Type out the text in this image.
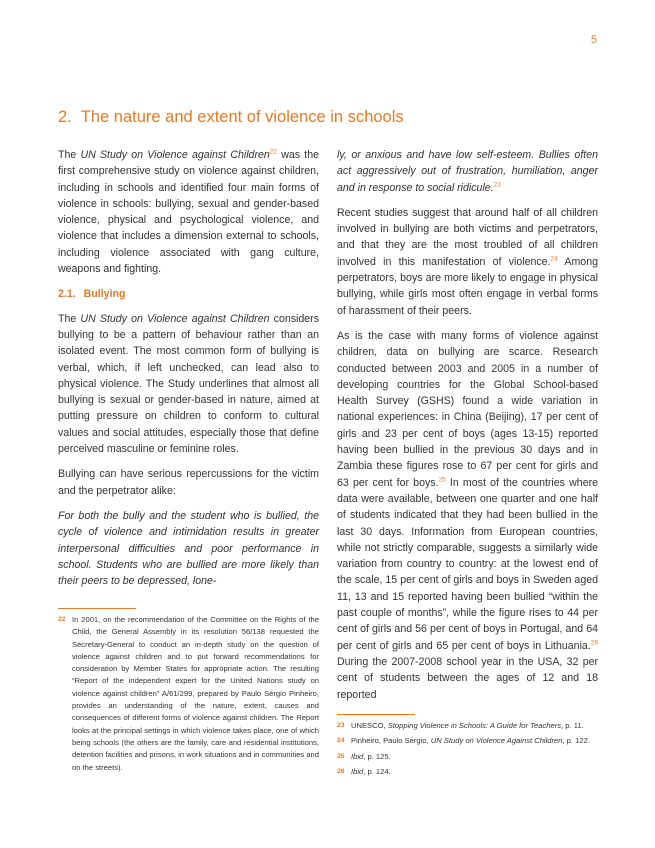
5
2. The nature and extent of violence in schools

The UN Study on Violence against Children$^{22}$ was the first comprehensive study on violence against children, including in schools and identified four main forms of violence in schools: bullying, sexual and gender-based violence, physical and psychological violence, and violence that includes a dimension external to schools, including violence associated with gang culture, weapons and fighting.

2.1. Bullying

The UN Study on Violence against Children considers bullying to be a pattern of behaviour rather than an isolated event. The most common form of bullying is verbal, which, if left unchecked, can lead also to physical violence. The Study underlines that almost all bullying is sexual or gender-based in nature, aimed at putting pressure on children to conform to cultural values and social attitudes, especially those that define perceived masculine or feminine roles.

Bullying can have serious repercussions for the victim and the perpetrator alike:

For both the bully and the student who is bullied, the cycle of violence and intimidation results in greater interpersonal difficulties and poor performance in school. Students who are bullied are more likely than their peers to be depressed, lone-

ly, or anxious and have low self-esteem. Bullies often act aggressively out of frustration, humiliation, anger and in response to social ridicule.$^{23}$

Recent studies suggest that around half of all children involved in bullying are both victims and perpetrators, and that they are the most troubled of all children involved in this manifestation of violence.$^{24}$ Among perpetrators, boys are more likely to engage in physical bullying, while girls most often engage in verbal forms of harassment of their peers.

As is the case with many forms of violence against children, data on bullying are scarce. Research conducted between 2003 and 2005 in a number of developing countries for the Global School-based Health Survey (GSHS) found a wide variation in national experiences: in China (Beijing), 17 per cent of girls and 23 per cent of boys (ages 13-15) reported having been bullied in the previous 30 days and in Zambia these figures rose to 67 per cent for girls and 63 per cent for boys.$^{25}$ In most of the countries where data were available, between one quarter and one half of students indicated that they had been bullied in the last 30 days. Information from European countries, while not strictly comparable, suggests a similarly wide variation from country to country: at the lowest end of the scale, 15 per cent of girls and boys in Sweden aged 11, 13 and 15 reported having been bullied “within the past couple of months”, while the figure rises to 44 per cent of girls and 56 per cent of boys in Portugal, and 64 per cent of girls and 65 per cent of boys in Lithuania.$^{26}$ During the 2007-2008 school year in the USA, 32 per cent of students between the ages of 12 and 18 reported

22 In 2001, on the recommendation of the Committee on the Rights of the Child, the General Assembly in its resolution 56/138 requested the Secretary-General to conduct an in-depth study on the question of violence against children and to put forward recommendations for consideration by Member States for appropriate action. The resulting “Report of the independent expert for the United Nations study on violence against children” A/61/299, prepared by Paulo Sérgio Pinheiro, provides an understanding of the nature, extent, causes and consequences of different forms of violence against children. The Report looks at the principal settings in which violence takes place, one of which being schools (the others are the family, care and residential institutions, detention facilities and prisons, in work situations and in communities and on the streets).
23 UNESCO, Stopping Violence in Schools: A Guide for Teachers, p. 11.
24 Pinheiro, Paulo Sérgio, UN Study on Violence Against Children, p. 122.
25 Ibid, p. 125.
26 Ibid, p. 124.
